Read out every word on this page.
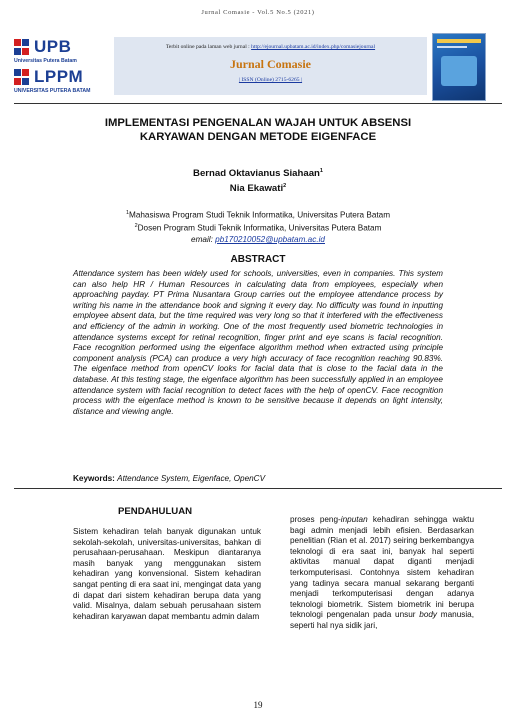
Jurnal Comasie - Vol.5 No.5 (2021)
UPB
Universitas Putera Batam
LPPM
UNIVERSITAS PUTERA BATAM
Terbit online pada laman web jurnal : http://ejournal.upbatam.ac.id/index.php/comasiejournal
Jurnal Comasie
| ISSN (Online) 2715-6265 |
IMPLEMENTASI PENGENALAN WAJAH UNTUK ABSENSI
KARYAWAN DENGAN METODE EIGENFACE
Bernad Oktavianus Siahaan$^1$
Nia Ekawati$^2$
$^1$Mahasiswa Program Studi Teknik Informatika, Universitas Putera Batam
$^2$Dosen Program Studi Teknik Informatika, Universitas Putera Batam
email: pb170210052@upbatam.ac.id
ABSTRACT
Attendance system has been widely used for schools, universities, even in companies. This system can also help HR / Human Resources in calculating data from employees, especially when approaching payday. PT Prima Nusantara Group carries out the employee attendance process by writing his name in the attendance book and signing it every day. No difficulty was found in inputting employee absent data, but the time required was very long so that it interfered with the effectiveness and efficiency of the admin in working. One of the most frequently used biometric technologies in attendance systems except for retinal recognition, finger print and eye scans is facial recognition. Face recognition performed using the eigenface algorithm method when extracted using principle component analysis (PCA) can produce a very high accuracy of face recognition reaching 90.83%. The eigenface method from openCV looks for facial data that is close to the facial data in the database. At this testing stage, the eigenface algorithm has been successfully applied in an employee attendance system with facial recognition to detect faces with the help of openCV. Face recognition process with the eigenface method is known to be sensitive because it depends on light intensity, distance and viewing angle.
Keywords: Attendance System, Eigenface, OpenCV
PENDAHULUAN

Sistem kehadiran telah banyak digunakan untuk sekolah-sekolah, universitas-universitas, bahkan di perusahaan-perusahaan. Meskipun diantaranya masih banyak yang menggunakan sistem kehadiran yang konvensional. Sistem kehadiran sangat penting di era saat ini, mengingat data yang di dapat dari sistem kehadiran berupa data yang valid. Misalnya, dalam sebuah perusahaan sistem kehadiran karyawan dapat membantu admin dalam

proses peng-inputan kehadiran sehingga waktu bagi admin menjadi lebih efisien. Berdasarkan penelitian (Rian et al. 2017) seiring berkembangya teknologi di era saat ini, banyak hal seperti aktivitas manual dapat diganti menjadi terkomputerisasi. Contohnya sistem kehadiran yang tadinya secara manual sekarang berganti menjadi terkomputerisasi dengan adanya teknologi biometrik. Sistem biometrik ini berupa teknologi pengenalan pada unsur body manusia, seperti hal nya sidik jari,

19
